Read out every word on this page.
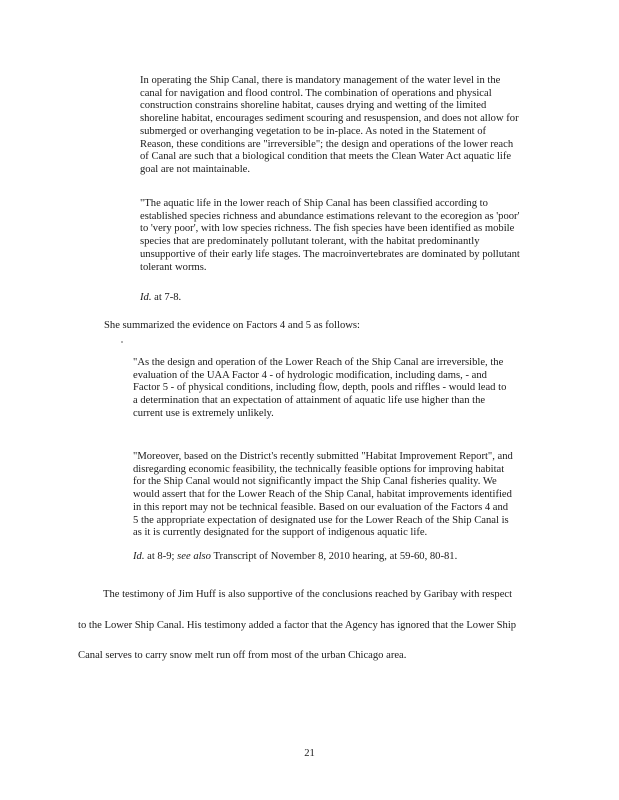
In operating the Ship Canal, there is mandatory management of the water level in the canal for navigation and flood control. The combination of operations and physical construction constrains shoreline habitat, causes drying and wetting of the limited shoreline habitat, encourages sediment scouring and resuspension, and does not allow for submerged or overhanging vegetation to be in-place. As noted in the Statement of Reason, these conditions are "irreversible"; the design and operations of the lower reach of Canal are such that a biological condition that meets the Clean Water Act aquatic life goal are not maintainable.

"The aquatic life in the lower reach of Ship Canal has been classified according to established species richness and abundance estimations relevant to the ecoregion as 'poor' to 'very poor', with low species richness. The fish species have been identified as mobile species that are predominately pollutant tolerant, with the habitat predominantly unsupportive of their early life stages. The macroinvertebrates are dominated by pollutant tolerant worms.

Id. at 7-8.

She summarized the evidence on Factors 4 and 5 as follows:

"As the design and operation of the Lower Reach of the Ship Canal are irreversible, the evaluation of the UAA Factor 4 - of hydrologic modification, including dams, - and Factor 5 - of physical conditions, including flow, depth, pools and riffles - would lead to a determination that an expectation of attainment of aquatic life use higher than the current use is extremely unlikely.

"Moreover, based on the District's recently submitted "Habitat Improvement Report", and disregarding economic feasibility, the technically feasible options for improving habitat for the Ship Canal would not significantly impact the Ship Canal fisheries quality. We would assert that for the Lower Reach of the Ship Canal, habitat improvements identified in this report may not be technical feasible. Based on our evaluation of the Factors 4 and 5 the appropriate expectation of designated use for the Lower Reach of the Ship Canal is as it is currently designated for the support of indigenous aquatic life.

Id. at 8-9; see also Transcript of November 8, 2010 hearing, at 59-60, 80-81.

The testimony of Jim Huff is also supportive of the conclusions reached by Garibay with respect to the Lower Ship Canal. His testimony added a factor that the Agency has ignored that the Lower Ship Canal serves to carry snow melt run off from most of the urban Chicago area.

21
